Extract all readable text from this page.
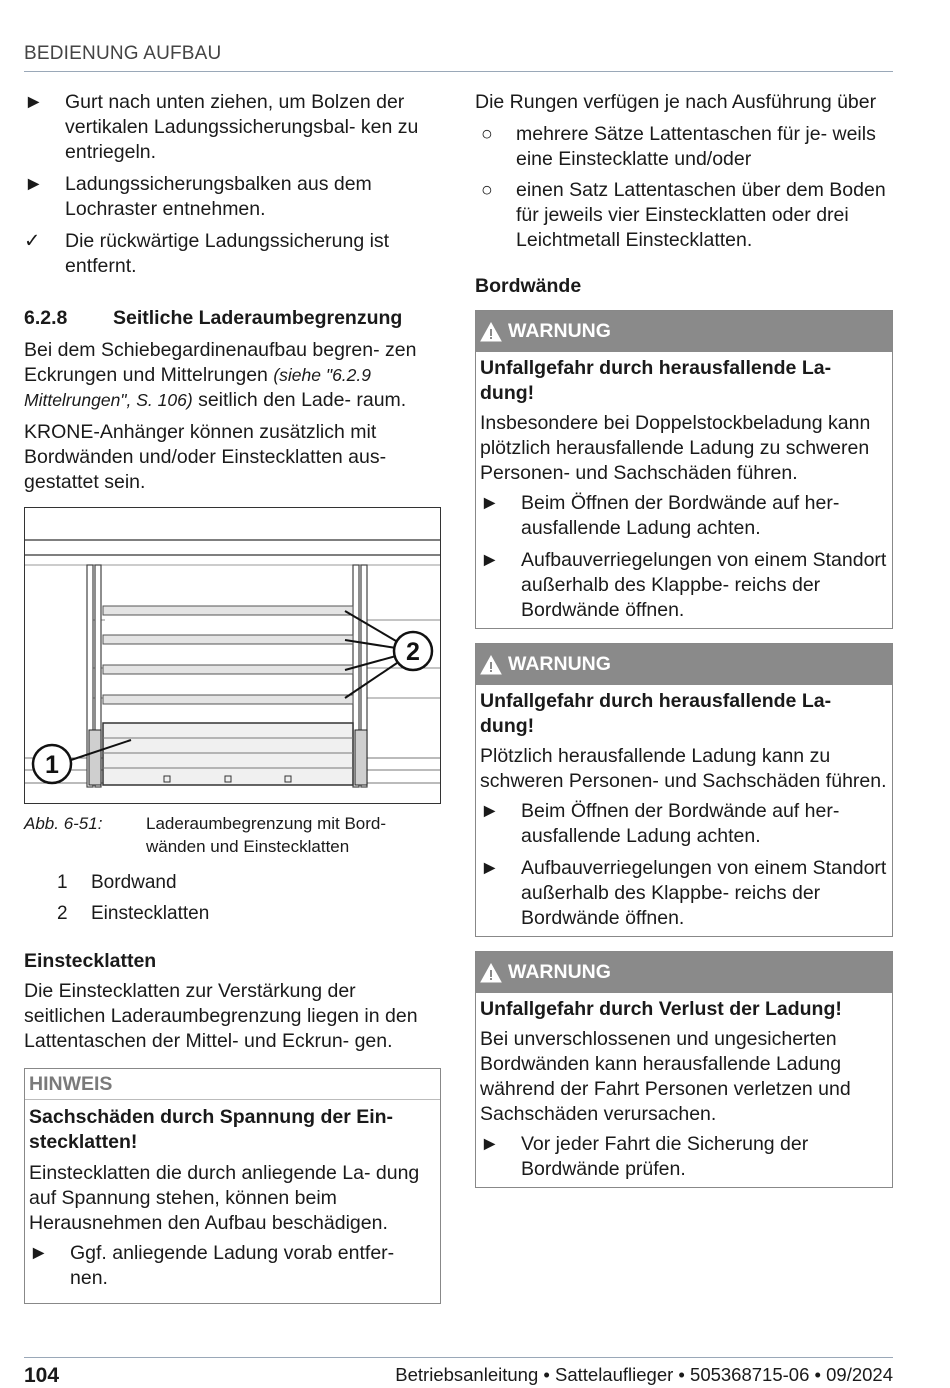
BEDIENUNG AUFBAU
► Gurt nach unten ziehen, um Bolzen der vertikalen Ladungssicherungsbal- ken zu entriegeln.
► Ladungssicherungsbalken aus dem Lochraster entnehmen.
✓ Die rückwärtige Ladungssicherung ist entfernt.
6.2.8 Seitliche Laderaumbegrenzung

Bei dem Schiebegardinenaufbau begren- zen Eckrungen und Mittelrungen (siehe "6.2.9 Mittelrungen", S. 106) seitlich den Lade- raum.

KRONE-Anhänger können zusätzlich mit Bordwänden und/oder Einstecklatten aus- gestattet sein.

2
1
Abb. 6-51:	Laderaumbegrenzung mit Bord- wänden und Einstecklatten
1 Bordwand
2 Einstecklatten
Einstecklatten

Die Einstecklatten zur Verstärkung der seitlichen Laderaumbegrenzung liegen in den Lattentaschen der Mittel- und Eckrun- gen.

HINWEIS
Sachschäden durch Spannung der Ein- stecklatten!

Einstecklatten die durch anliegende La- dung auf Spannung stehen, können beim Herausnehmen den Aufbau beschädigen.

► Ggf. anliegende Ladung vorab entfer- nen.

Die Rungen verfügen je nach Ausführung über

○ mehrere Sätze Lattentaschen für je- weils eine Einstecklatte und/oder
○ einen Satz Lattentaschen über dem Boden für jeweils vier Einstecklatten oder drei Leichtmetall Einstecklatten.
Bordwände
WARNUNG
Unfallgefahr durch herausfallende La- dung!

Insbesondere bei Doppelstockbeladung kann plötzlich herausfallende Ladung zu schweren Personen- und Sachschäden führen.

► Beim Öffnen der Bordwände auf her- ausfallende Ladung achten.
► Aufbauverriegelungen von einem Standort außerhalb des Klappbe- reichs der Bordwände öffnen.
WARNUNG
Unfallgefahr durch herausfallende La- dung!

Plötzlich herausfallende Ladung kann zu schweren Personen- und Sachschäden führen.

► Beim Öffnen der Bordwände auf her- ausfallende Ladung achten.
► Aufbauverriegelungen von einem Standort außerhalb des Klappbe- reichs der Bordwände öffnen.
WARNUNG
Unfallgefahr durch Verlust der Ladung!

Bei unverschlossenen und ungesicherten Bordwänden kann herausfallende Ladung während der Fahrt Personen verletzen und Sachschäden verursachen.

► Vor jeder Fahrt die Sicherung der Bordwände prüfen.
104	Betriebsanleitung • Sattelauflieger • 505368715-06 • 09/2024
